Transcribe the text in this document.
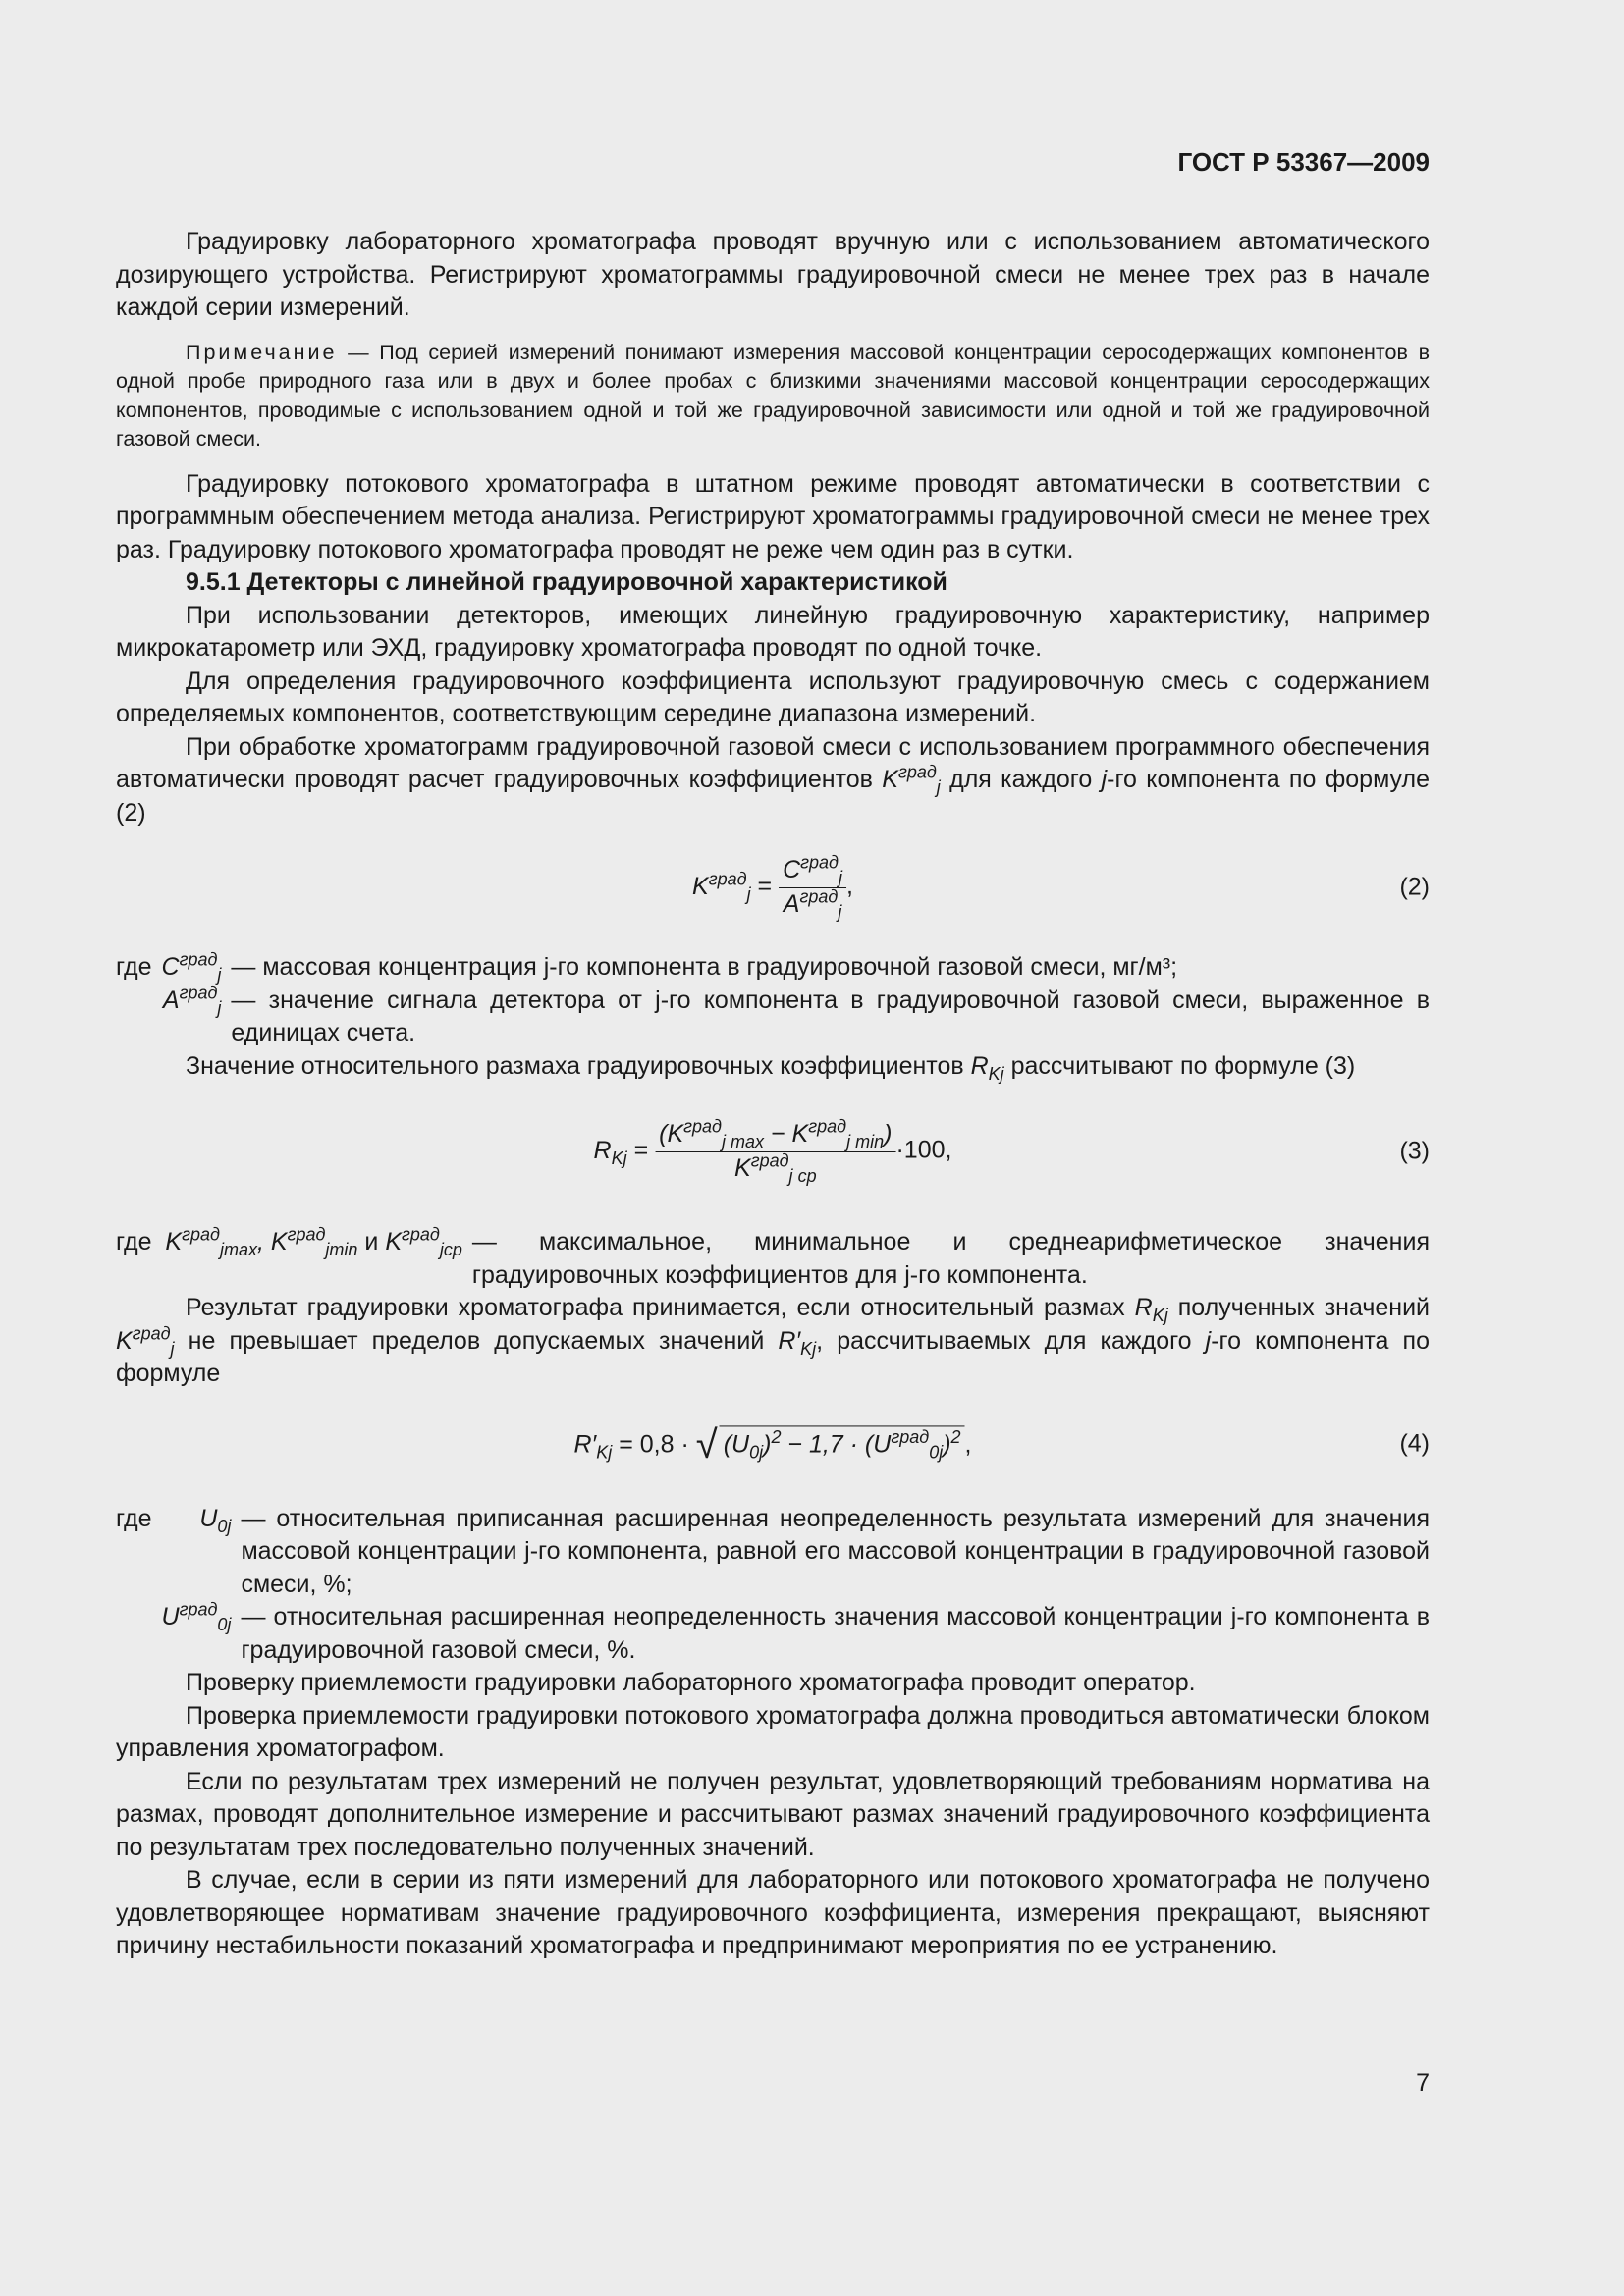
ГОСТ Р 53367—2009

Градуировку лабораторного хроматографа проводят вручную или с использованием автоматического дозирующего устройства. Регистрируют хроматограммы градуировочной смеси не менее трех раз в начале каждой серии измерений.

Примечание — Под серией измерений понимают измерения массовой концентрации серосодержащих компонентов в одной пробе природного газа или в двух и более пробах с близкими значениями массовой концентрации серосодержащих компонентов, проводимые с использованием одной и той же градуировочной зависимости или одной и той же градуировочной газовой смеси.

Градуировку потокового хроматографа в штатном режиме проводят автоматически в соответствии с программным обеспечением метода анализа. Регистрируют хроматограммы градуировочной смеси не менее трех раз. Градуировку потокового хроматографа проводят не реже чем один раз в сутки.

9.5.1 Детекторы с линейной градуировочной характеристикой

При использовании детекторов, имеющих линейную градуировочную характеристику, например микрокатарометр или ЭХД, градуировку хроматографа проводят по одной точке.

Для определения градуировочного коэффициента используют градуировочную смесь с содержанием определяемых компонентов, соответствующим середине диапазона измерений.

При обработке хроматограмм градуировочной газовой смеси с использованием программного обеспечения автоматически проводят расчет градуировочных коэффициентов $K^{град}_j$ для каждого j-го компонента по формуле (2)

$K^{град}_j = \frac{C^{град}_j}{A^{град}_j}$ ,	(2)
где $C^{град}_j$ — массовая концентрация j-го компонента в градуировочной газовой смеси, мг/м³;
$A^{град}_j$ — значение сигнала детектора от j-го компонента в градуировочной газовой смеси, выраженное в единицах счета.

Значение относительного размаха градуировочных коэффициентов $R_{Kj}$ рассчитывают по формуле (3)

$R_{Kj} = \frac{(K^{град}_{j max} - K^{град}_{j min})}{K^{град}_{j cp}} \cdot 100$,	(3)
где $K^{град}_{jmax}$, $K^{град}_{jmin}$ и $K^{град}_{jcp}$ — максимальное, минимальное и среднеарифметическое значения градуировочных коэффициентов для j-го компонента.

Результат градуировки хроматографа принимается, если относительный размах $R_{Kj}$ полученных значений $K^{град}_j$ не превышает пределов допускаемых значений $R'_{Kj}$, рассчитываемых для каждого j-го компонента по формуле

$R'_{Kj} = 0,8$ · √ $(U_{0j})^2 - 1,7 \cdot (U^{град}_{0j})^2$ ,	(4)
где	$U_{0j}$ — относительная приписанная расширенная неопределенность результата измерений для значения массовой концентрации j-го компонента, равной его массовой концентрации в градуировочной газовой смеси, %;
$U^{град}_{0j}$ — относительная расширенная неопределенность значения массовой концентрации j-го компонента в градуировочной газовой смеси, %.

Проверку приемлемости градуировки лабораторного хроматографа проводит оператор.

Проверка приемлемости градуировки потокового хроматографа должна проводиться автоматически блоком управления хроматографом.

Если по результатам трех измерений не получен результат, удовлетворяющий требованиям норматива на размах, проводят дополнительное измерение и рассчитывают размах значений градуировочного коэффициента по результатам трех последовательно полученных значений.

В случае, если в серии из пяти измерений для лабораторного или потокового хроматографа не получено удовлетворяющее нормативам значение градуировочного коэффициента, измерения прекращают, выясняют причину нестабильности показаний хроматографа и предпринимают мероприятия по ее устранению.

7
